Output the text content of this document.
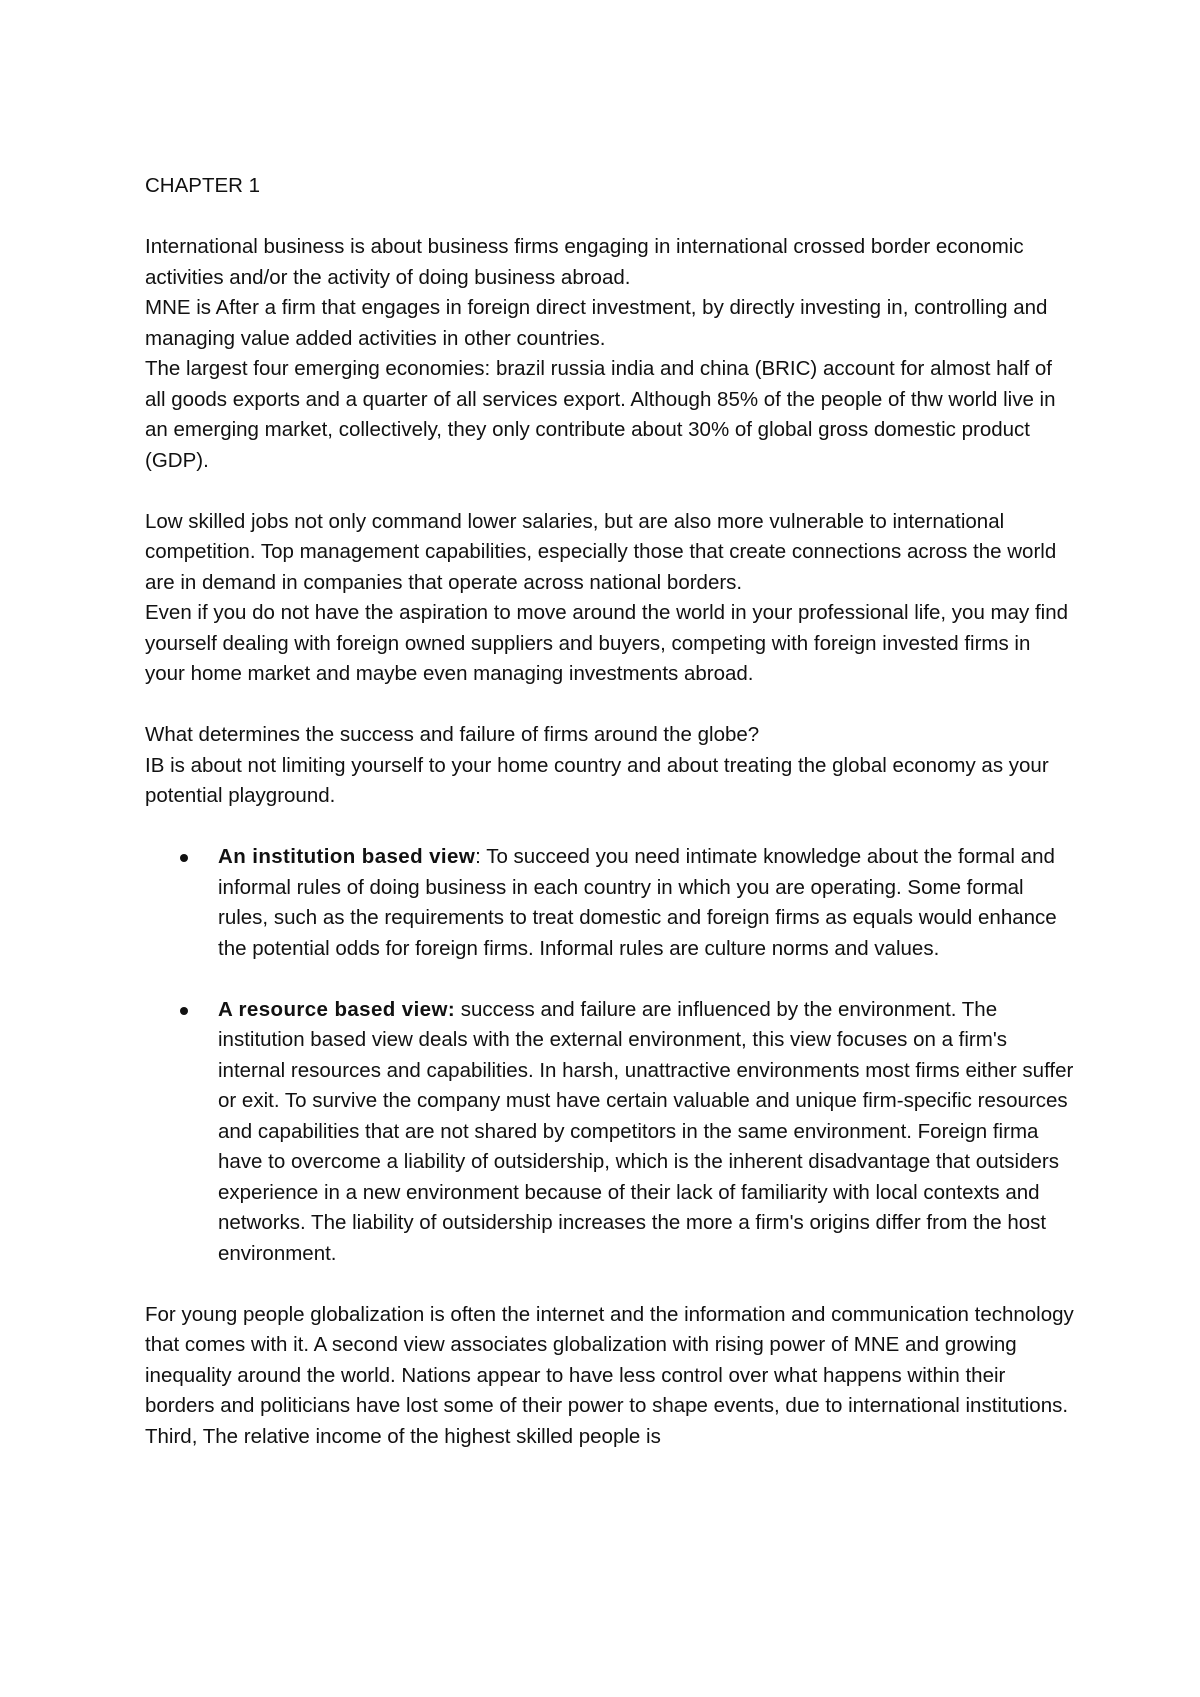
CHAPTER 1

International business is about business firms engaging in international crossed border economic activities and/or the activity of doing business abroad.

MNE is After a firm that engages in foreign direct investment, by directly investing in, controlling and managing value added activities in other countries.

The largest four emerging economies: brazil russia india and china (BRIC) account for almost half of all goods exports and a quarter of all services export. Although 85% of the people of thw world live in an emerging market, collectively, they only contribute about 30% of global gross domestic product (GDP).

Low skilled jobs not only command lower salaries, but are also more vulnerable to international competition. Top management capabilities, especially those that create connections across the world are in demand in companies that operate across national borders.

Even if you do not have the aspiration to move around the world in your professional life, you may find yourself dealing with foreign owned suppliers and buyers, competing with foreign invested firms in your home market and maybe even managing investments abroad.

What determines the success and failure of firms around the globe?

IB is about not limiting yourself to your home country and about treating the global economy as your potential playground.

An institution based view: To succeed you need intimate knowledge about the formal and informal rules of doing business in each country in which you are operating. Some formal rules, such as the requirements to treat domestic and foreign firms as equals would enhance the potential odds for foreign firms. Informal rules are culture norms and values.
A resource based view: success and failure are influenced by the environment. The institution based view deals with the external environment, this view focuses on a firm's internal resources and capabilities. In harsh, unattractive environments most firms either suffer or exit. To survive the company must have certain valuable and unique firm-specific resources and capabilities that are not shared by competitors in the same environment. Foreign firma have to overcome a liability of outsidership, which is the inherent disadvantage that outsiders experience in a new environment because of their lack of familiarity with local contexts and networks. The liability of outsidership increases the more a firm's origins differ from the host environment.

For young people globalization is often the internet and the information and communication technology that comes with it. A second view associates globalization with rising power of MNE and growing inequality around the world. Nations appear to have less control over what happens within their borders and politicians have lost some of their power to shape events, due to international institutions. Third, The relative income of the highest skilled people is
